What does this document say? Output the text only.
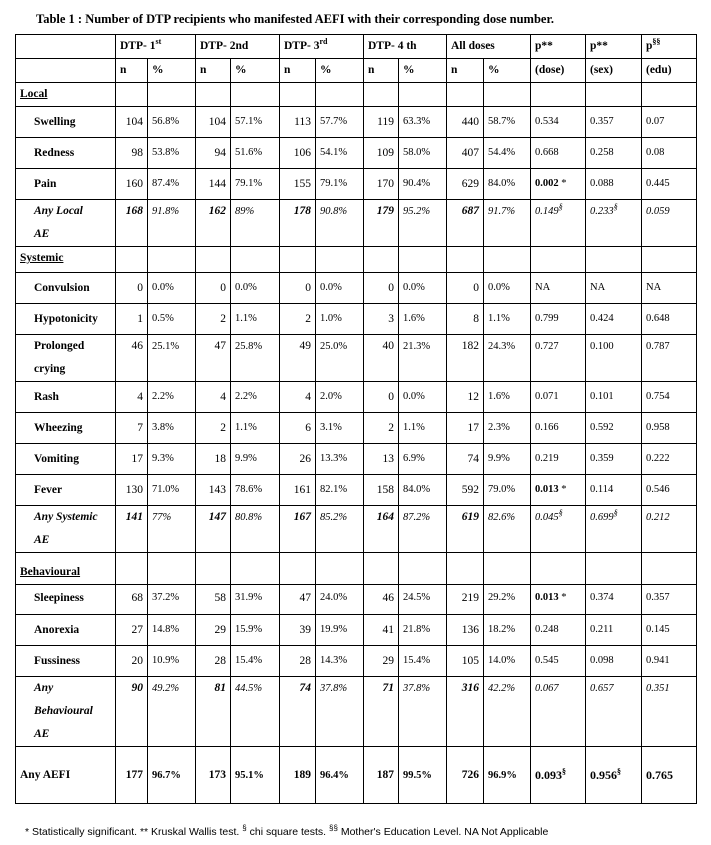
Table 1 : Number of DTP recipients who manifested AEFI with their corresponding dose number.
	DTP- 1st		DTP- 2nd		DTP- 3rd		DTP- 4 th		All doses		p**	p**	p§§
	n	%	n	%	n	%	n	%	n	%	(dose)	(sex)	(edu)
Local													
Swelling	104	56.8%	104	57.1%	113	57.7%	119	63.3%	440	58.7%	0.534	0.357	0.07
Redness	98	53.8%	94	51.6%	106	54.1%	109	58.0%	407	54.4%	0.668	0.258	0.08
Pain	160	87.4%	144	79.1%	155	79.1%	170	90.4%	629	84.0%	0.002 *	0.088	0.445
Any Local
AE	168	91.8%	162	89%	178	90.8%	179	95.2%	687	91.7%	0.149§	0.233§	0.059
Systemic													
Convulsion	0	0.0%	0	0.0%	0	0.0%	0	0.0%	0	0.0%	NA	NA	NA
Hypotonicity	1	0.5%	2	1.1%	2	1.0%	3	1.6%	8	1.1%	0.799	0.424	0.648
Prolonged
crying	46	25.1%	47	25.8%	49	25.0%	40	21.3%	182	24.3%	0.727	0.100	0.787
Rash	4	2.2%	4	2.2%	4	2.0%	0	0.0%	12	1.6%	0.071	0.101	0.754
Wheezing	7	3.8%	2	1.1%	6	3.1%	2	1.1%	17	2.3%	0.166	0.592	0.958
Vomiting	17	9.3%	18	9.9%	26	13.3%	13	6.9%	74	9.9%	0.219	0.359	0.222
Fever	130	71.0%	143	78.6%	161	82.1%	158	84.0%	592	79.0%	0.013 *	0.114	0.546
Any Systemic
AE	141	77%	147	80.8%	167	85.2%	164	87.2%	619	82.6%	0.045§	0.699§	0.212
Behavioural													
Sleepiness	68	37.2%	58	31.9%	47	24.0%	46	24.5%	219	29.2%	0.013 *	0.374	0.357
Anorexia	27	14.8%	29	15.9%	39	19.9%	41	21.8%	136	18.2%	0.248	0.211	0.145
Fussiness	20	10.9%	28	15.4%	28	14.3%	29	15.4%	105	14.0%	0.545	0.098	0.941
Any
Behavioural
AE	90	49.2%	81	44.5%	74	37.8%	71	37.8%	316	42.2%	0.067	0.657	0.351
Any AEFI	177	96.7%	173	95.1%	189	96.4%	187	99.5%	726	96.9%	0.093§	0.956§	0.765
* Statistically significant. ** Kruskal Wallis test. § chi square tests. §§ Mother's Education Level. NA Not Applicable
